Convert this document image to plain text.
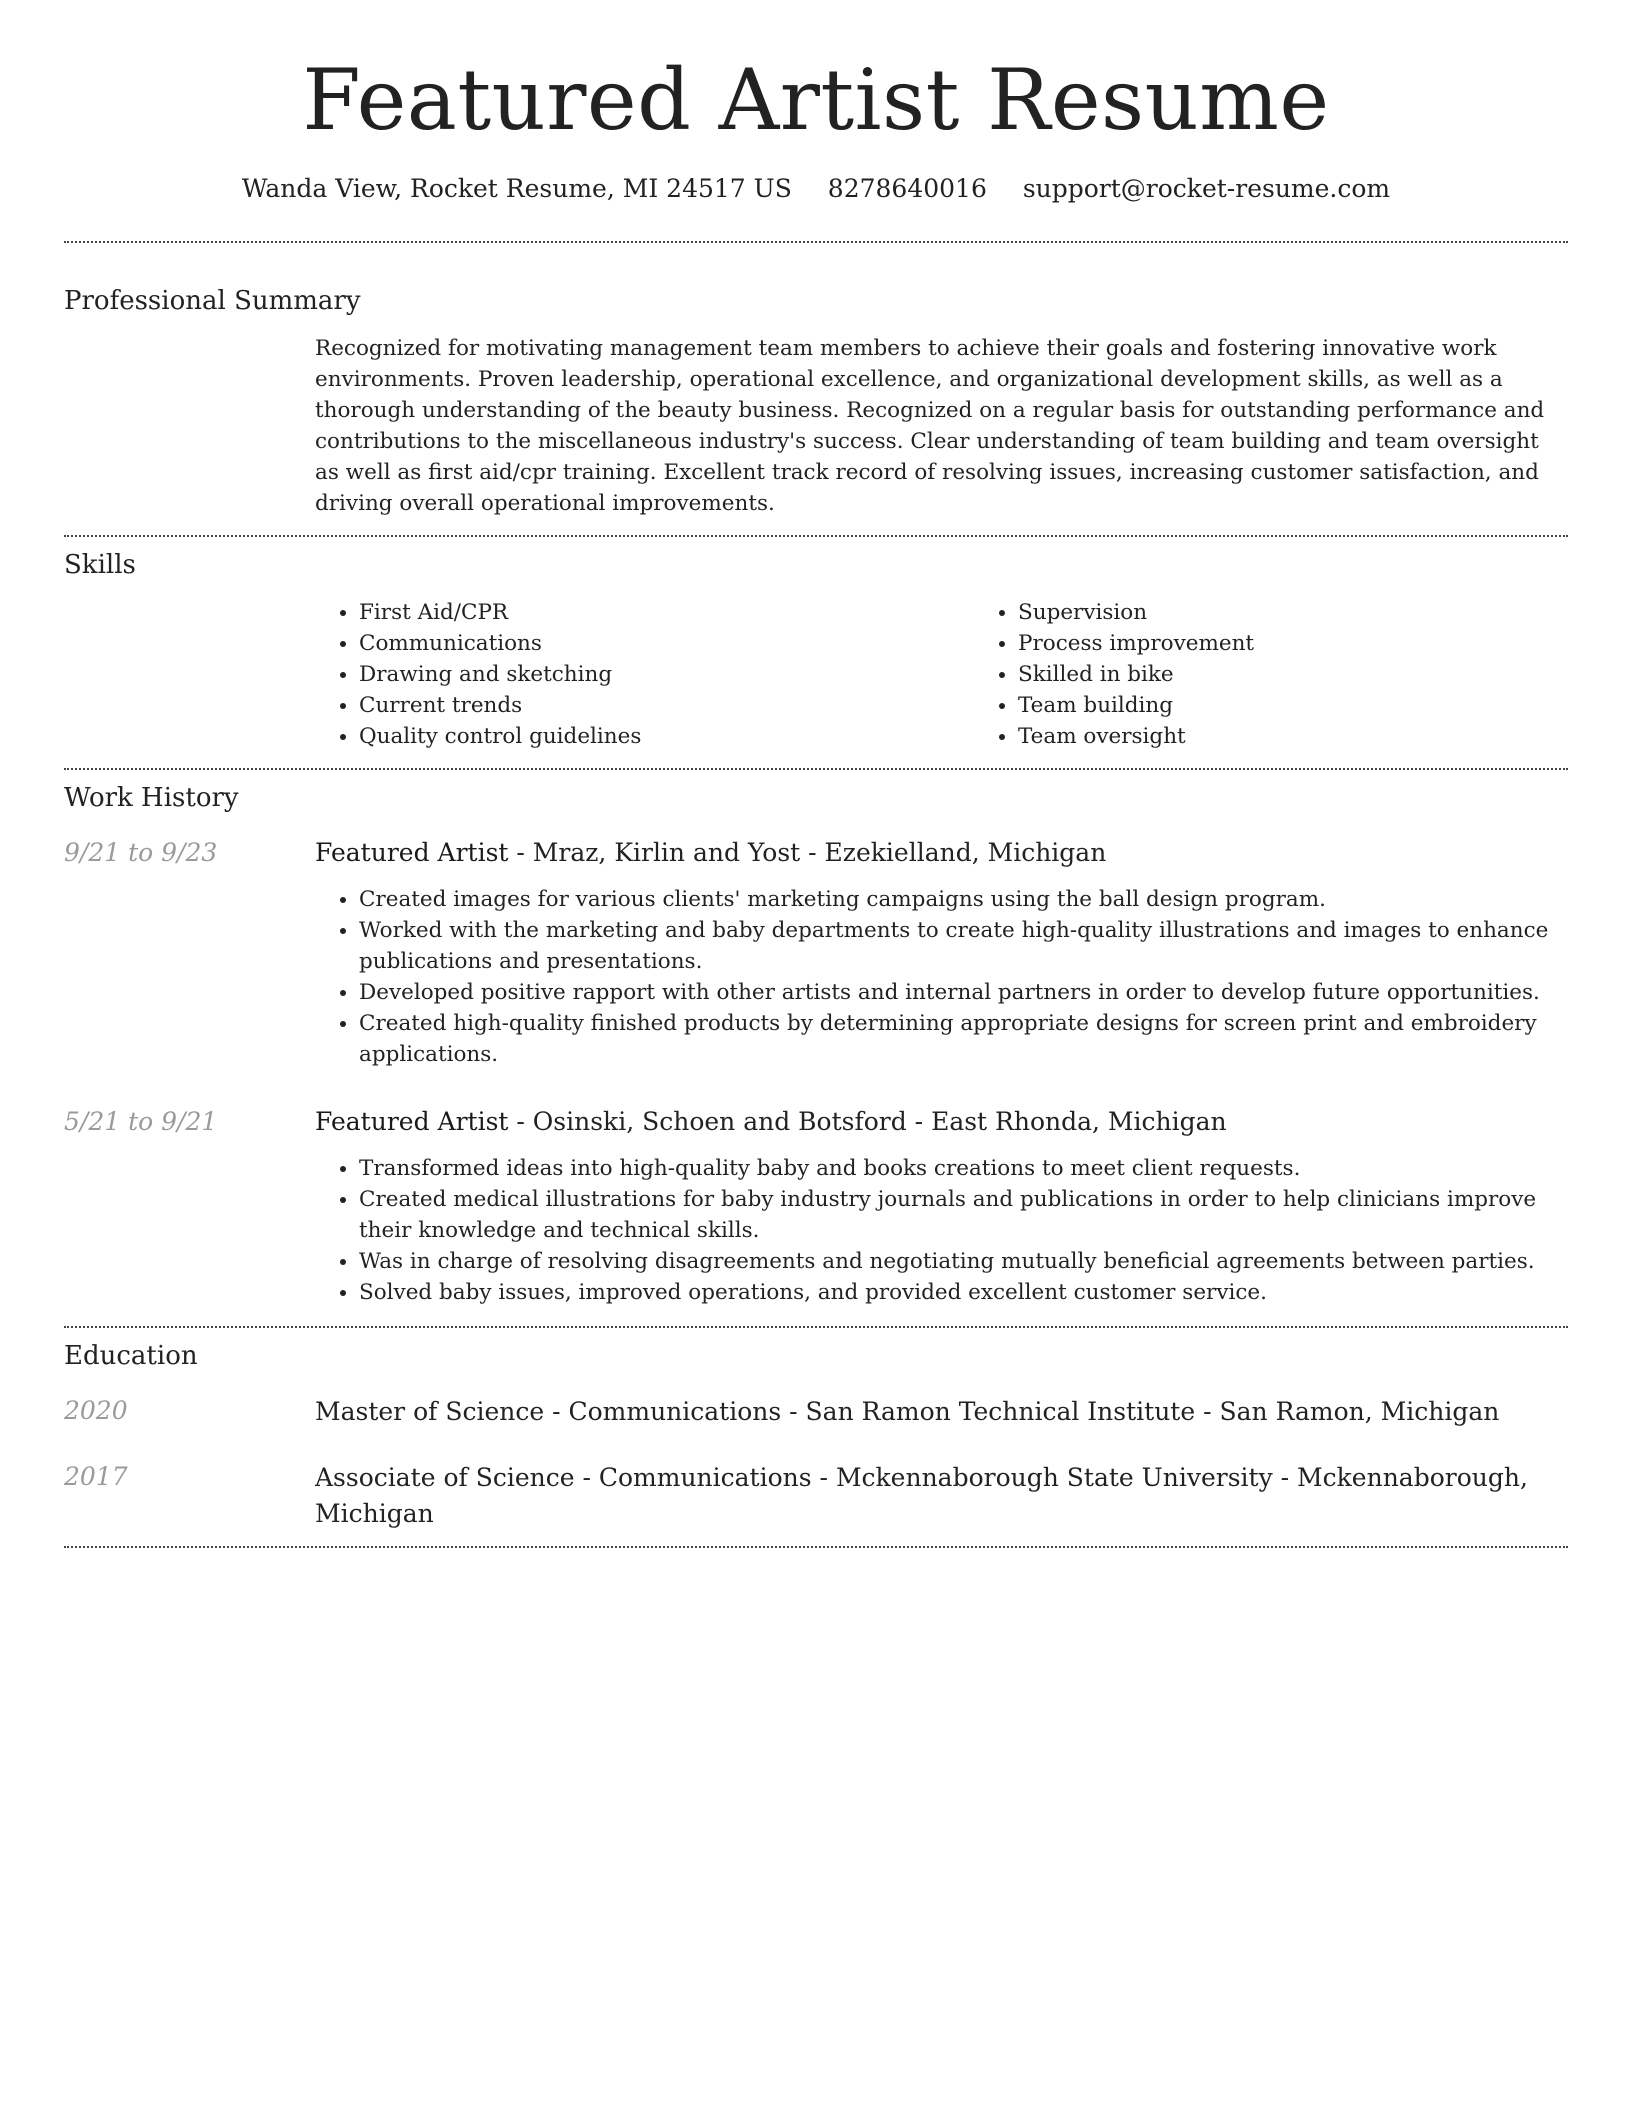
Featured Artist Resume
Wanda View, Rocket Resume, MI 24517 US 8278640016 support@rocket-resume.com
Professional Summary

Recognized for motivating management team members to achieve their goals and fostering innovative work environments. Proven leadership, operational excellence, and organizational development skills, as well as a thorough understanding of the beauty business. Recognized on a regular basis for outstanding performance and contributions to the miscellaneous industry's success. Clear understanding of team building and team oversight as well as first aid/cpr training. Excellent track record of resolving issues, increasing customer satisfaction, and driving overall operational improvements.

Skills
• First Aid/CPR
• Communications
• Drawing and sketching
• Current trends
• Quality control guidelines
• Supervision
• Process improvement
• Skilled in bike
• Team building
• Team oversight
Work History
9/21 to 9/23	Featured Artist - Mraz, Kirlin and Yost - Ezekielland, Michigan
• Created images for various clients' marketing campaigns using the ball design program.
• Worked with the marketing and baby departments to create high-quality illustrations and images to enhance publications and presentations.
• Developed positive rapport with other artists and internal partners in order to develop future opportunities.
• Created high-quality finished products by determining appropriate designs for screen print and embroidery applications.
5/21 to 9/21	Featured Artist - Osinski, Schoen and Botsford - East Rhonda, Michigan
• Transformed ideas into high-quality baby and books creations to meet client requests.
• Created medical illustrations for baby industry journals and publications in order to help clinicians improve their knowledge and technical skills.
• Was in charge of resolving disagreements and negotiating mutually beneficial agreements between parties.
• Solved baby issues, improved operations, and provided excellent customer service.
Education
2020	Master of Science - Communications - San Ramon Technical Institute - San Ramon, Michigan
2017	Associate of Science - Communications - Mckennaborough State University - Mckennaborough, Michigan
